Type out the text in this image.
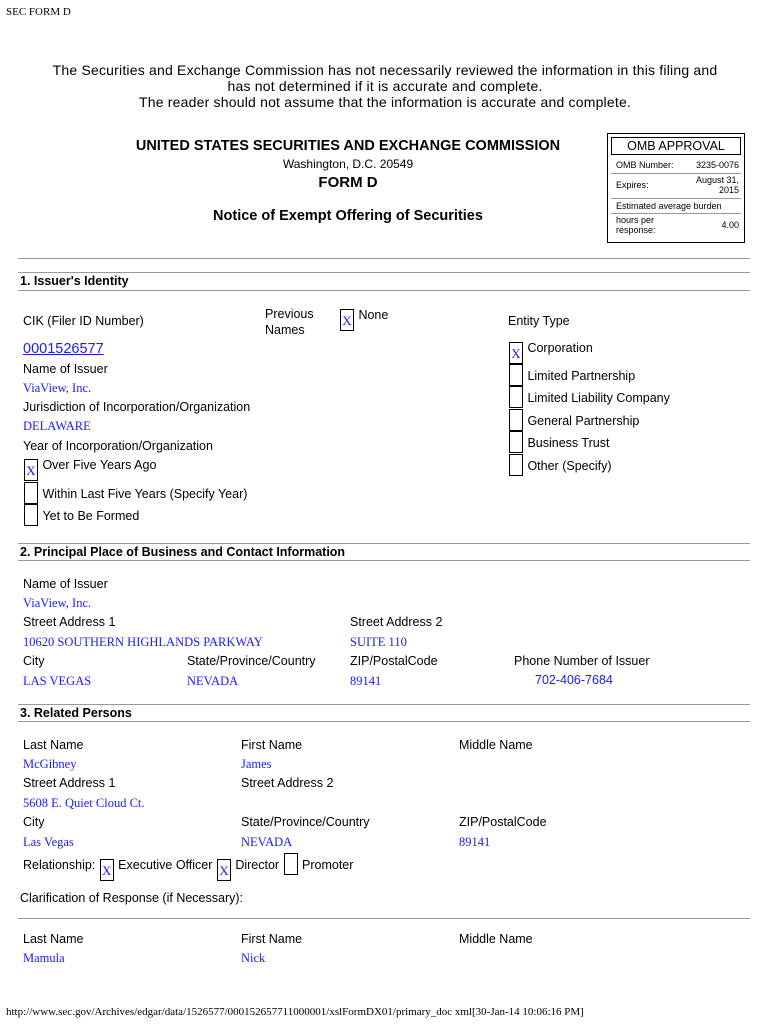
SEC FORM D
The Securities and Exchange Commission has not necessarily reviewed the information in this filing and
has not determined if it is accurate and complete.
The reader should not assume that the information is accurate and complete.
UNITED STATES SECURITIES AND EXCHANGE COMMISSION
Washington, D.C. 20549
FORM D
Notice of Exempt Offering of Securities
OMB APPROVAL
OMB Number: 3235-0076
Expires:	August 31,
2015
Estimated average burden
hours per
response:	4.00
1. Issuer's Identity
CIK (Filer ID Number)	Previous
Names
X $^{None}$	Entity Type
0001526577
Name of Issuer
ViaView, Inc.
Jurisdiction of Incorporation/Organization
DELAWARE
Year of Incorporation/Organization
X $^{Over Five Years Ago}$
$^{Within Last Five Years (Specify Year)}$
$^{Yet to Be Formed}$
X $^{Corporation}$
$^{Limited Partnership}$
$^{Limited Liability Company}$
$^{General Partnership}$
$^{Business Trust}$
$^{Other (Specify)}$
2. Principal Place of Business and Contact Information
Name of Issuer
ViaView, Inc.
Street Address 1	Street Address 2
10620 SOUTHERN HIGHLANDS PARKWAY	SUITE 110
City	State/Province/Country	ZIP/PostalCode	Phone Number of Issuer
LAS VEGAS	NEVADA	89141	702-406-7684
3. Related Persons
Last Name	First Name	Middle Name
McGibney	James
Street Address 1	Street Address 2
5608 E. Quiet Cloud Ct.
City	State/Province/Country	ZIP/PostalCode
Las Vegas	NEVADA	89141
$^{Relationship:}$ X $^{Executive Officer}$ X $^{Director}$ $^{Promoter}$
Clarification of Response (if Necessary):
Last Name	First Name	Middle Name
Mamula	Nick
http://www.sec.gov/Archives/edgar/data/1526577/000152657711000001/xslFormDX01/primary_doc xml[30-Jan-14 10:06:16 PM]
